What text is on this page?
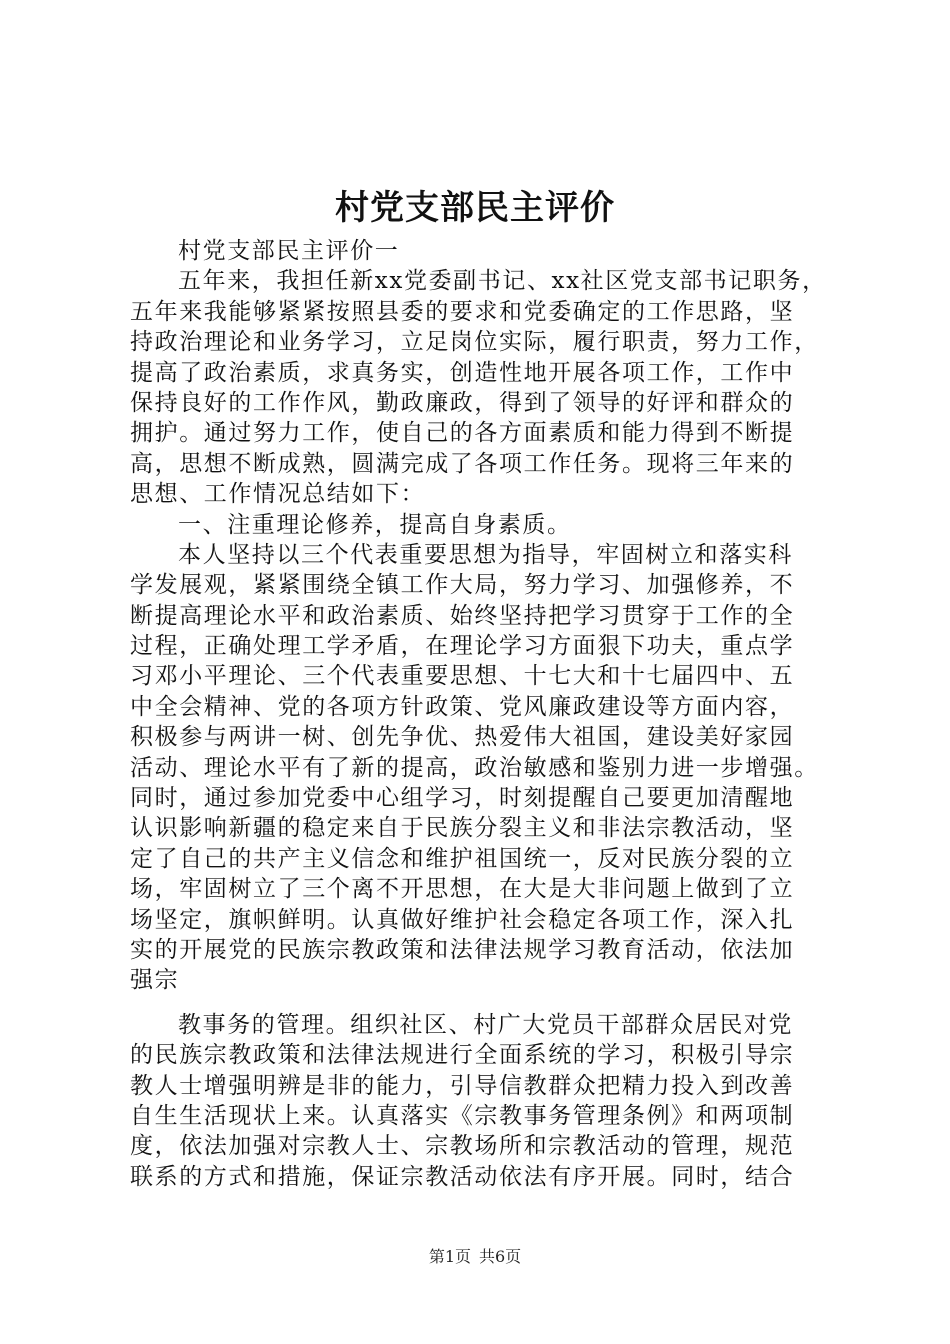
村党支部民主评价
村党支部民主评价一
五年来，我担任新xx党委副书记、xx社区党支部书记职务，
五年来我能够紧紧按照县委的要求和党委确定的工作思路，坚
持政治理论和业务学习，立足岗位实际，履行职责，努力工作，
提高了政治素质，求真务实，创造性地开展各项工作，工作中
保持良好的工作作风，勤政廉政，得到了领导的好评和群众的
拥护。通过努力工作，使自己的各方面素质和能力得到不断提
高，思想不断成熟，圆满完成了各项工作任务。现将三年来的
思想、工作情况总结如下：
一、注重理论修养，提高自身素质。
本人坚持以三个代表重要思想为指导，牢固树立和落实科
学发展观，紧紧围绕全镇工作大局，努力学习、加强修养，不
断提高理论水平和政治素质、始终坚持把学习贯穿于工作的全
过程，正确处理工学矛盾，在理论学习方面狠下功夫，重点学
习邓小平理论、三个代表重要思想、十七大和十七届四中、五
中全会精神、党的各项方针政策、党风廉政建设等方面内容，
积极参与两讲一树、创先争优、热爱伟大祖国，建设美好家园
活动、理论水平有了新的提高，政治敏感和鉴别力进一步增强。
同时，通过参加党委中心组学习，时刻提醒自己要更加清醒地
认识影响新疆的稳定来自于民族分裂主义和非法宗教活动，坚
定了自己的共产主义信念和维护祖国统一，反对民族分裂的立
场，牢固树立了三个离不开思想，在大是大非问题上做到了立
场坚定，旗帜鲜明。认真做好维护社会稳定各项工作，深入扎
实的开展党的民族宗教政策和法律法规学习教育活动，依法加
强宗
教事务的管理。组织社区、村广大党员干部群众居民对党
的民族宗教政策和法律法规进行全面系统的学习，积极引导宗
教人士增强明辨是非的能力，引导信教群众把精力投入到改善
自生生活现状上来。认真落实《宗教事务管理条例》和两项制
度，依法加强对宗教人士、宗教场所和宗教活动的管理，规范
联系的方式和措施，保证宗教活动依法有序开展。同时，结合
第1页 共6页
